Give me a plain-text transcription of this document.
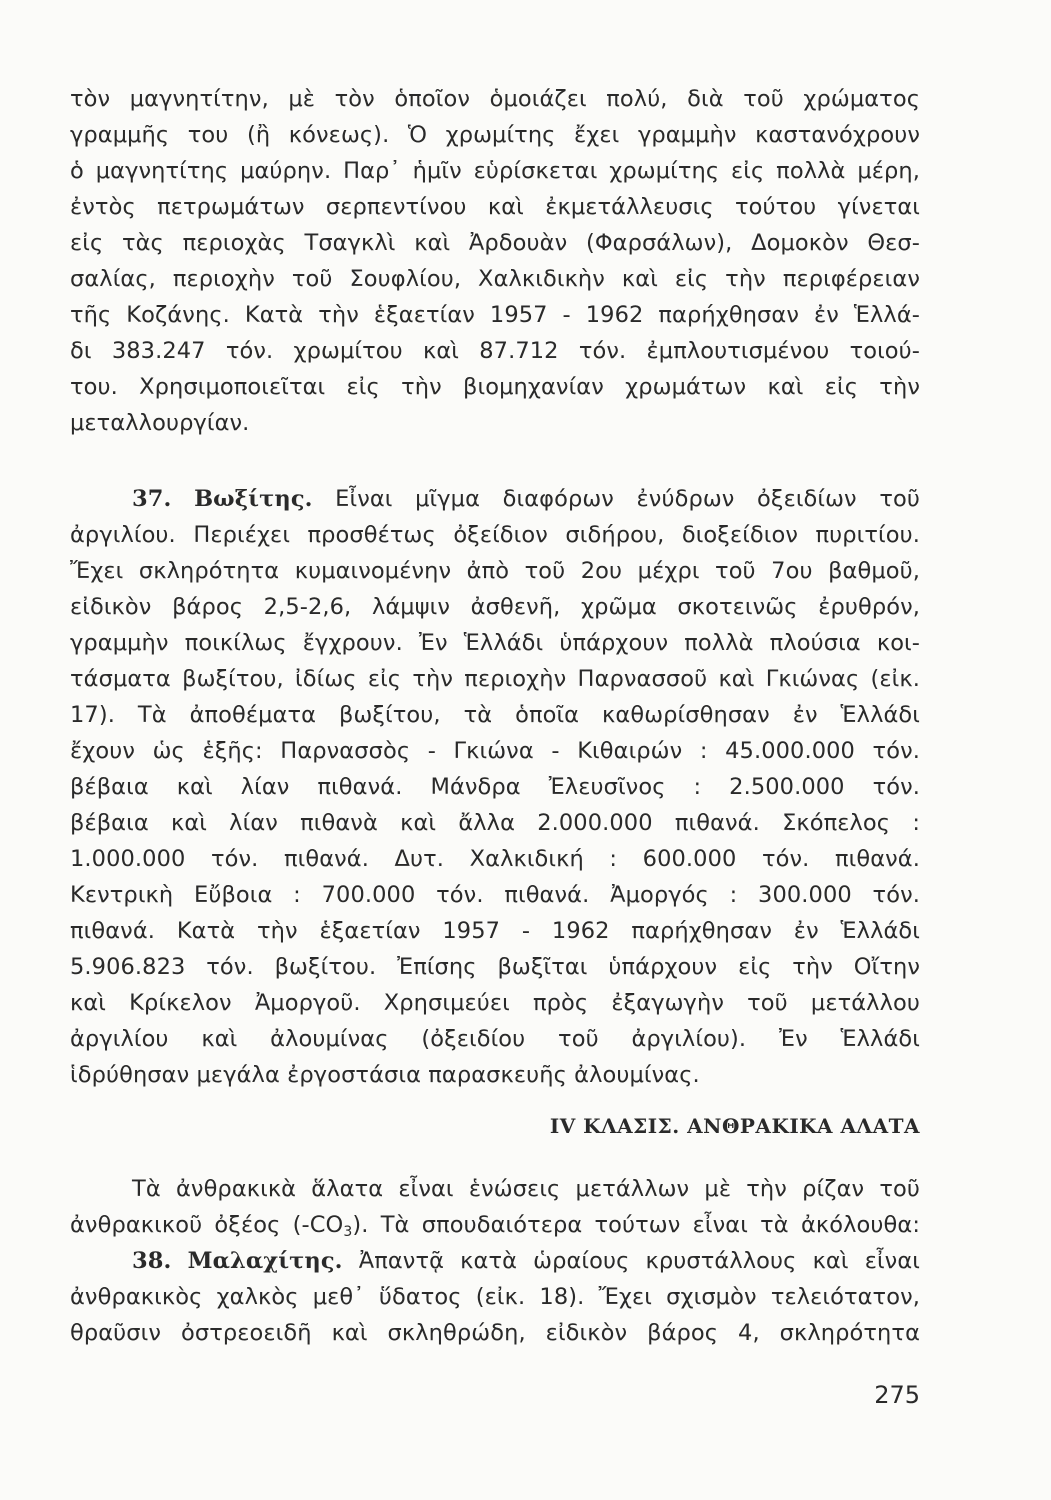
τὸν μαγνητίτην, μὲ τὸν ὁποῖον ὁμοιάζει πολύ, διὰ τοῦ χρώματος
γραμμῆς του (ἢ κόνεως). Ὁ χρωμίτης ἔχει γραμμὴν καστανόχρουν
ὁ μαγνητίτης μαύρην. Παρ᾽ ἡμῖν εὑρίσκεται χρωμίτης εἰς πολλὰ μέρη,
ἐντὸς πετρωμάτων σερπεντίνου καὶ ἐκμετάλλευσις τούτου γίνεται
εἰς τὰς περιοχὰς Τσαγκλὶ καὶ Ἀρδουὰν (Φαρσάλων), Δομοκὸν Θεσ-
σαλίας, περιοχὴν τοῦ Σουφλίου, Χαλκιδικὴν καὶ εἰς τὴν περιφέρειαν
τῆς Κοζάνης. Κατὰ τὴν ἑξαετίαν 1957 - 1962 παρήχθησαν ἐν Ἑλλά-
δι 383.247 τόν. χρωμίτου καὶ 87.712 τόν. ἐμπλουτισμένου τοιού-
του. Χρησιμοποιεῖται εἰς τὴν βιομηχανίαν χρωμάτων καὶ εἰς τὴν
μεταλλουργίαν.
37. Βωξίτης. Εἶναι μῖγμα διαφόρων ἐνύδρων ὀξειδίων τοῦ
ἀργιλίου. Περιέχει προσθέτως ὀξείδιον σιδήρου, διοξείδιον πυριτίου.
Ἔχει σκληρότητα κυμαινομένην ἀπὸ τοῦ 2ου μέχρι τοῦ 7ου βαθμοῦ,
εἰδικὸν βάρος 2,5-2,6, λάμψιν ἀσθενῆ, χρῶμα σκοτεινῶς ἐρυθρόν,
γραμμὴν ποικίλως ἔγχρουν. Ἐν Ἑλλάδι ὑπάρχουν πολλὰ πλούσια κοι-
τάσματα βωξίτου, ἰδίως εἰς τὴν περιοχὴν Παρνασσοῦ καὶ Γκιώνας (εἰκ.
17). Τὰ ἀποθέματα βωξίτου, τὰ ὁποῖα καθωρίσθησαν ἐν Ἑλλάδι
ἔχουν ὡς ἑξῆς: Παρνασσὸς - Γκιώνα - Κιθαιρών : 45.000.000 τόν.
βέβαια καὶ λίαν πιθανά. Μάνδρα Ἐλευσῖνος : 2.500.000 τόν.
βέβαια καὶ λίαν πιθανὰ καὶ ἄλλα 2.000.000 πιθανά. Σκόπελος :
1.000.000 τόν. πιθανά. Δυτ. Χαλκιδική : 600.000 τόν. πιθανά.
Κεντρικὴ Εὔβοια : 700.000 τόν. πιθανά. Ἀμοργός : 300.000 τόν.
πιθανά. Κατὰ τὴν ἑξαετίαν 1957 - 1962 παρήχθησαν ἐν Ἑλλάδι
5.906.823 τόν. βωξίτου. Ἐπίσης βωξῖται ὑπάρχουν εἰς τὴν Οἴτην
καὶ Κρίκελον Ἀμοργοῦ. Χρησιμεύει πρὸς ἐξαγωγὴν τοῦ μετάλλου
ἀργιλίου καὶ ἀλουμίνας (ὀξειδίου τοῦ ἀργιλίου). Ἐν Ἑλλάδι
ἱδρύθησαν μεγάλα ἐργοστάσια παρασκευῆς ἀλουμίνας.
IV ΚΛΑΣΙΣ. ΑΝΘΡΑΚΙΚΑ ΑΛΑΤΑ
Τὰ ἀνθρακικὰ ἅλατα εἶναι ἑνώσεις μετάλλων μὲ τὴν ρίζαν τοῦ
ἀνθρακικοῦ ὀξέος $(-CO_3)$. Τὰ σπουδαιότερα τούτων εἶναι τὰ ἀκόλουθα:
38. Μαλαχίτης. Ἀπαντᾷ κατὰ ὡραίους κρυστάλλους καὶ εἶναι
ἀνθρακικὸς χαλκὸς μεθ᾽ ὕδατος (εἰκ. 18). Ἔχει σχισμὸν τελειότατον,
θραῦσιν ὀστρεοειδῆ καὶ σκληθρώδη, εἰδικὸν βάρος 4, σκληρότητα
275
